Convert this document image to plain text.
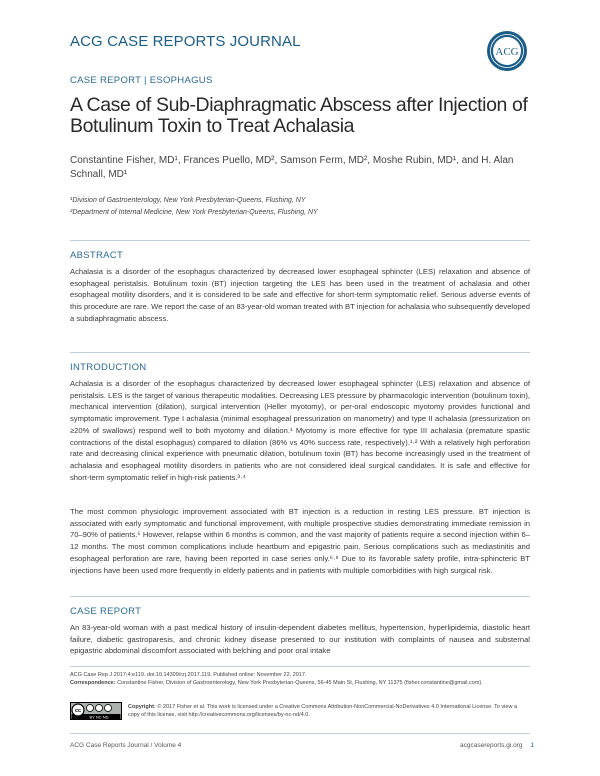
ACG CASE REPORTS JOURNAL
ACG
CASE REPORT | ESOPHAGUS
A Case of Sub-Diaphragmatic Abscess after Injection of Botulinum Toxin to Treat Achalasia
Constantine Fisher, MD¹, Frances Puello, MD², Samson Ferm, MD², Moshe Rubin, MD¹, and H. Alan Schnall, MD¹
¹Division of Gastroenterology, New York Presbyterian-Queens, Flushing, NY
²Department of Internal Medicine, New York Presbyterian-Queens, Flushing, NY
ABSTRACT
Achalasia is a disorder of the esophagus characterized by decreased lower esophageal sphincter (LES) relaxation and absence of esophageal peristalsis. Botulinum toxin (BT) injection targeting the LES has been used in the treatment of achalasia and other esophageal motility disorders, and it is considered to be safe and effective for short-term symptomatic relief. Serious adverse events of this procedure are rare. We report the case of an 83-year-old woman treated with BT injection for achalasia who subsequently developed a subdiaphragmatic abscess.
INTRODUCTION
Achalasia is a disorder of the esophagus characterized by decreased lower esophageal sphincter (LES) relaxation and absence of peristalsis. LES is the target of various therapeutic modalities. Decreasing LES pressure by pharmacologic intervention (botulinum toxin), mechanical intervention (dilation), surgical intervention (Heller myotomy), or per-oral endoscopic myotomy provides functional and symptomatic improvement. Type I achalasia (minimal esophageal pressurization on manometry) and type II achalasia (pressurization on ≥20% of swallows) respond well to both myotomy and dilation.¹ Myotomy is more effective for type III achalasia (premature spastic contractions of the distal esophagus) compared to dilation (86% vs 40% success rate, respectively).¹·² With a relatively high perforation rate and decreasing clinical experience with pneumatic dilation, botulinum toxin (BT) has become increasingly used in the treatment of achalasia and esophageal motility disorders in patients who are not considered ideal surgical candidates. It is safe and effective for short-term symptomatic relief in high-risk patients.³·⁴
The most common physiologic improvement associated with BT injection is a reduction in resting LES pressure. BT injection is associated with early symptomatic and functional improvement, with multiple prospective studies demonstrating immediate remission in 70–90% of patients.⁵ However, relapse within 6 months is common, and the vast majority of patients require a second injection within 6–12 months. The most common complications include heartburn and epigastric pain. Serious complications such as mediastinitis and esophageal perforation are rare, having been reported in case series only.⁶·⁸ Due to its favorable safety profile, intra-sphincteric BT injections have been used more frequently in elderly patients and in patients with multiple comorbidities with high surgical risk.
CASE REPORT
An 83-year-old woman with a past medical history of insulin-dependent diabetes mellitus, hypertension, hyperlipidemia, diastolic heart failure, diabetic gastroparesis, and chronic kidney disease presented to our institution with complaints of nausea and substernal epigastric abdominal discomfort associated with belching and poor oral intake
ACG Case Rep J 2017;4:e119. doi:10.14309/crj.2017.119. Published online: November 22, 2017.
Correspondence: Constantine Fisher, Division of Gastroenterology, New York Presbyterian-Queens, 56-45 Main St, Flushing, NY 11375 (fisher.constantine@gmail.com).
cc
BY NC ND
Copyright: © 2017 Fisher et al. This work is licensed under a Creative Commons Attribution-NonCommercial-NoDerivatives 4.0 International License. To view a copy of this license, visit http://creativecommons.org/licenses/by-nc-nd/4.0.
ACG Case Reports Journal / Volume 4	acgcasereports.gi.org 1
